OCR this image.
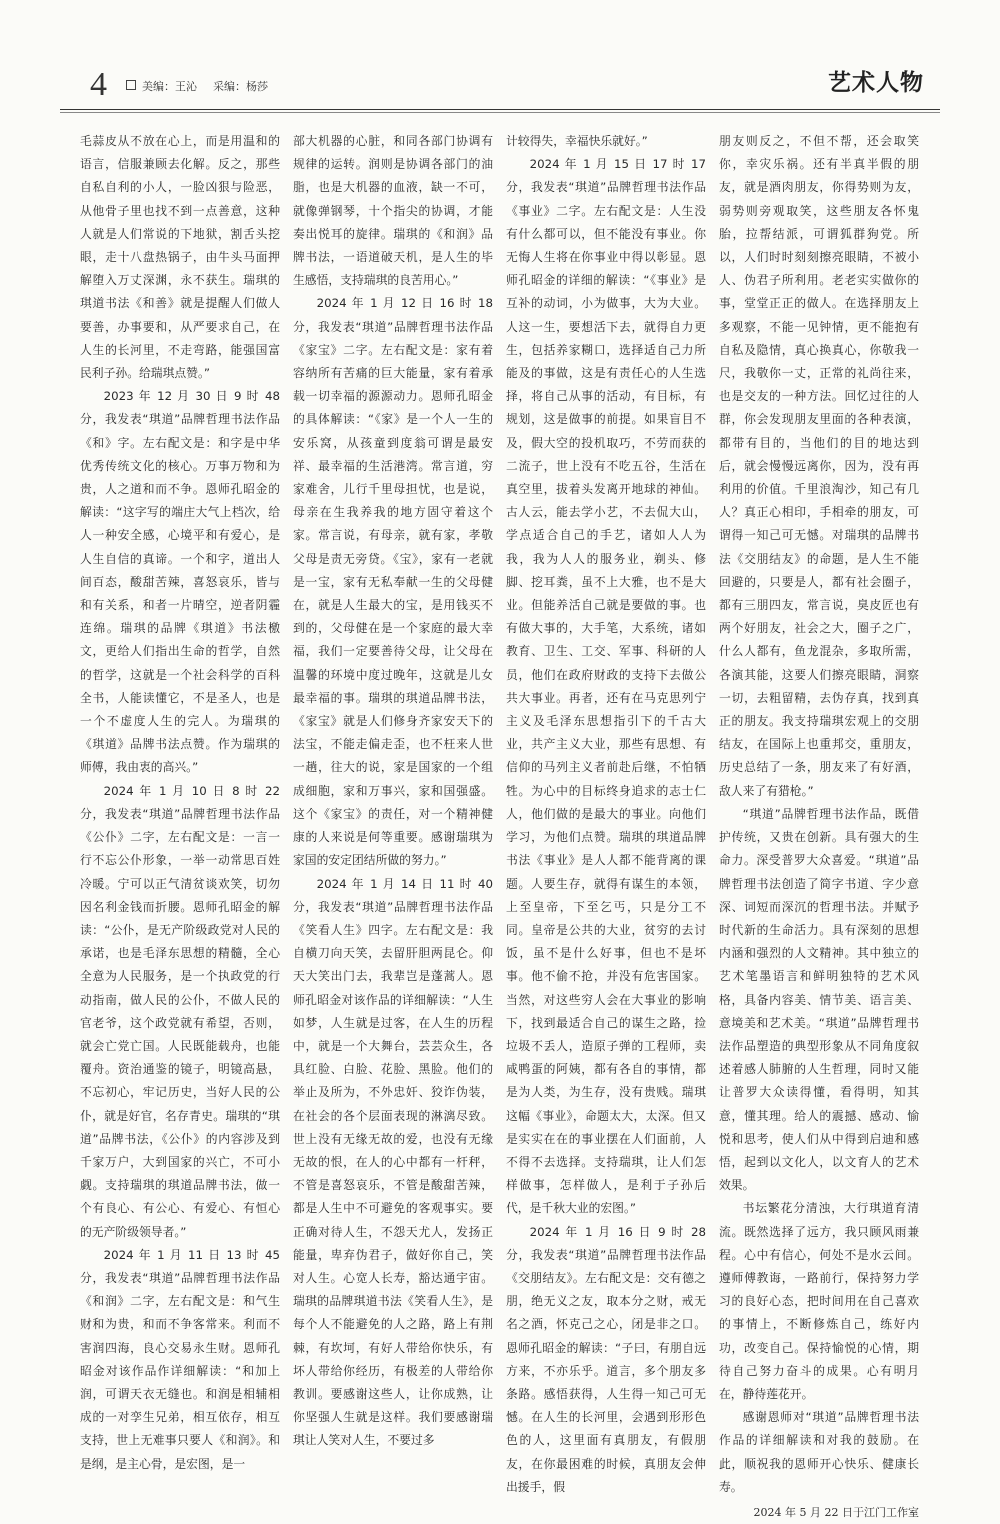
4	美编：王沁 采编：杨莎	艺术人物

毛蒜皮从不放在心上，而是用温和的语言，信服兼顾去化解。反之，那些自私自利的小人，一脸凶狠与险恶，从他骨子里也找不到一点善意，这种人就是人们常说的下地狱，割舌头挖眼，走十八盘热锅子，由牛头马面押解堕入万丈深渊，永不获生。瑞琪的琪道书法《和善》就是提醒人们做人要善，办事要和，从严要求自己，在人生的长河里，不走弯路，能强国富民利子孙。给瑞琪点赞。”

2023 年 12 月 30 日 9 时 48 分，我发表“琪道”品牌哲理书法作品《和》字。左右配文是：和字是中华优秀传统文化的核心。万事万物和为贵，人之道和而不争。恩师孔昭金的解读：“这字写的端庄大气上档次，给人一种安全感，心境平和有爱心，是人生自信的真谛。一个和字，道出人间百态，酸甜苦辣，喜怒哀乐，皆与和有关系，和者一片晴空，逆者阴霾连绵。瑞琪的品牌《琪道》书法檄文，更给人们指出生命的哲学，自然的哲学，这就是一个社会科学的百科全书，人能读懂它，不是圣人，也是一个不虚度人生的完人。为瑞琪的《琪道》品牌书法点赞。作为瑞琪的师傅，我由衷的高兴。”

2024 年 1 月 10 日 8 时 22 分，我发表“琪道”品牌哲理书法作品《公仆》二字，左右配文是：一言一行不忘公仆形象，一举一动常思百姓冷暖。宁可以正气清贫谈欢笑，切勿因名利金钱而折腰。恩师孔昭金的解读：“公仆，是无产阶级政党对人民的承诺，也是毛泽东思想的精髓，全心全意为人民服务，是一个执政党的行动指南，做人民的公仆，不做人民的官老爷，这个政党就有希望，否则，就会亡党亡国。人民既能载舟，也能覆舟。资治通鉴的镜子，明镜高悬，不忘初心，牢记历史，当好人民的公仆，就是好官，名存青史。瑞琪的“琪道”品牌书法，《公仆》的内容涉及到千家万户，大到国家的兴亡，不可小觑。支持瑞琪的琪道品牌书法，做一个有良心、有公心、有爱心、有恒心的无产阶级领导者。”

2024 年 1 月 11 日 13 时 45 分，我发表“琪道”品牌哲理书法作品《和润》二字，左右配文是：和气生财和为贵，和而不争客常来。利而不害润四海，良心交易永生财。恩师孔昭金对该作品作详细解读：“和加上润，可谓天衣无缝也。和润是相辅相成的一对孪生兄弟，相互依存，相互支持，世上无难事只要人《和润》。和是纲，是主心骨，是宏图，是一

部大机器的心脏，和同各部门协调有规律的运转。润则是协调各部门的油脂，也是大机器的血液，缺一不可，就像弹钢琴，十个指尖的协调，才能奏出悦耳的旋律。瑞琪的《和润》品牌书法，一语道破天机，是人生的毕生感悟，支持瑞琪的良苦用心。”

2024 年 1 月 12 日 16 时 18 分，我发表“琪道”品牌哲理书法作品《家宝》二字。左右配文是：家有着容纳所有苦痛的巨大能量，家有着承载一切幸福的源源动力。恩师孔昭金的具体解读：“《家》是一个人一生的安乐窝，从孩童到度翁可谓是最安祥、最幸福的生活港湾。常言道，穷家难舍，儿行千里母担忧，也是说，母亲在生我养我的地方固守着这个家。常言说，有母亲，就有家，孝敬父母是责无旁贷。《宝》，家有一老就是一宝，家有无私奉献一生的父母健在，就是人生最大的宝，是用钱买不到的，父母健在是一个家庭的最大幸福，我们一定要善待父母，让父母在温馨的环境中度过晚年，这就是儿女最幸福的事。瑞琪的琪道品牌书法，《家宝》就是人们修身齐家安天下的法宝，不能走偏走歪，也不枉来人世一趟，往大的说，家是国家的一个组成细胞，家和万事兴，家和国强盛。这个《家宝》的责任，对一个精神健康的人来说是何等重要。感谢瑞琪为家国的安定团结所做的努力。”

2024 年 1 月 14 日 11 时 40 分，我发表“琪道”品牌哲理书法作品《笑看人生》四字。左右配文是：我自横刀向天笑，去留肝胆两昆仑。仰天大笑出门去，我辈岂是蓬蒿人。恩师孔昭金对该作品的详细解读：“人生如梦，人生就是过客，在人生的历程中，就是一个大舞台，芸芸众生，各具红脸、白脸、花脸、黑脸。他们的举止及所为，不外忠奸、狡诈伪装，在社会的各个层面表现的淋漓尽致。世上没有无缘无故的爱，也没有无缘无故的恨，在人的心中都有一杆秤，不管是喜怒哀乐，不管是酸甜苦辣，都是人生中不可避免的客观事实。要正确对待人生，不怨天尤人，发扬正能量，卑弃伪君子，做好你自己，笑对人生。心宽人长寿，豁达通宇宙。瑞琪的品牌琪道书法《笑看人生》，是每个人不能避免的人之路，路上有荆棘，有坎坷，有好人带给你快乐，有坏人带给你经历，有极差的人带给你教训。要感谢这些人，让你成熟，让你坚强人生就是这样。我们要感谢瑞琪让人笑对人生，不要过多

计较得失，幸福快乐就好。”

2024 年 1 月 15 日 17 时 17 分，我发表“琪道”品牌哲理书法作品《事业》二字。左右配文是：人生没有什么都可以，但不能没有事业。你无悔人生将在你事业中得以彰显。恩师孔昭金的详细的解读：“《事业》是互补的动词，小为做事，大为大业。人这一生，要想活下去，就得自力更生，包括养家糊口，选择适自己力所能及的事做，这是有责任心的人生选择，将自己从事的活动，有目标，有规划，这是做事的前提。如果盲目不及，假大空的投机取巧，不劳而获的二流子，世上没有不吃五谷，生活在真空里，拔着头发离开地球的神仙。古人云，能去学小艺，不去侃大山，学点适合自己的手艺，诸如人人为我，我为人人的服务业，剃头、修脚、挖耳粪，虽不上大雅，也不是大业。但能养活自己就是要做的事。也有做大事的，大手笔，大系统，诸如教育、卫生、工交、军事、科研的人员，他们在政府财政的支持下去做公共大事业。再者，还有在马克思列宁主义及毛泽东思想指引下的千古大业，共产主义大业，那些有思想、有信仰的马列主义者前赴后继，不怕牺牲。为心中的目标终身追求的志士仁人，他们做的是最大的事业。向他们学习，为他们点赞。瑞琪的琪道品牌书法《事业》是人人都不能背离的课题。人要生存，就得有谋生的本领，上至皇帝，下至乞丐，只是分工不同。皇帝是公共的大业，贫穷的去讨饭，虽不是什么好事，但也不是坏事。他不偷不抢，并没有危害国家。当然，对这些穷人会在大事业的影响下，找到最适合自己的谋生之路，捡垃圾不丢人，造原子弹的工程师，卖咸鸭蛋的阿姨，都有各自的事情，都是为人类，为生存，没有贵贱。瑞琪这幅《事业》，命题太大，太深。但又是实实在在的事业摆在人们面前，人不得不去选择。支持瑞琪，让人们怎样做事，怎样做人，是利于子孙后代，是千秋大业的宏图。”

2024 年 1 月 16 日 9 时 28 分，我发表“琪道”品牌哲理书法作品《交朋结友》。左右配文是：交有德之朋，绝无义之友，取本分之财，戒无名之酒，怀克己之心，闭是非之口。恩师孔昭金的解读：“子曰，有朋自远方来，不亦乐乎。道言，多个朋友多条路。感悟获得，人生得一知己可无憾。在人生的长河里，会遇到形形色色的人，这里面有真朋友，有假朋友，在你最困难的时候，真朋友会伸出援手，假

朋友则反之，不但不帮，还会取笑你，幸灾乐祸。还有半真半假的朋友，就是酒肉朋友，你得势则为友，弱势则旁观取笑，这些朋友各怀鬼胎，拉帮结派，可谓狐群狗党。所以，人们时时刻刻擦亮眼睛，不被小人、伪君子所利用。老老实实做你的事，堂堂正正的做人。在选择朋友上多观察，不能一见钟情，更不能抱有自私及隐情，真心换真心，你敬我一尺，我敬你一丈，正常的礼尚往来，也是交友的一种方法。回忆过往的人群，你会发现朋友里面的各种表演，都带有目的，当他们的目的地达到后，就会慢慢远离你，因为，没有再利用的价值。千里浪淘沙，知己有几人？真正心相印，手相牵的朋友，可谓得一知己可无憾。对瑞琪的品牌书法《交朋结友》的命题，是人生不能回避的，只要是人，都有社会圈子，都有三朋四友，常言说，臭皮匠也有两个好朋友，社会之大，圈子之广，什么人都有，鱼龙混杂，多取所需，各演其能，这要人们擦亮眼睛，洞察一切，去粗留精，去伪存真，找到真正的朋友。我支持瑞琪宏观上的交朋结友，在国际上也重邦交，重朋友，历史总结了一条，朋友来了有好酒，敌人来了有猎枪。”

“琪道”品牌哲理书法作品，既借护传统，又贵在创新。具有强大的生命力。深受普罗大众喜爱。“琪道”品牌哲理书法创造了简字书道、字少意深、词短而深沉的哲理书法。并赋予时代新的生命活力。具有深刻的思想内涵和强烈的人文精神。其中独立的艺术笔墨语言和鲜明独特的艺术风格，具备内容美、情节美、语言美、意境美和艺术美。“琪道”品牌哲理书法作品塑造的典型形象从不同角度叙述着感人肺腑的人生哲理，同时又能让普罗大众读得懂，看得明，知其意，懂其理。给人的震撼、感动、愉悦和思考，使人们从中得到启迪和感悟，起到以文化人，以文育人的艺术效果。

书坛繁花分清浊，大行琪道育清流。既然选择了远方，我只顾风雨兼程。心中有信心，何处不是水云间。遵师傅教诲，一路前行，保持努力学习的良好心态，把时间用在自己喜欢的事情上，不断修炼自己，练好内功，改变自己。保持愉悦的心情，期待自己努力奋斗的成果。心有明月在，静待莲花开。

感谢恩师对“琪道”品牌哲理书法作品的详细解读和对我的鼓励。在此，顺祝我的恩师开心快乐、健康长寿。

2024 年 5 月 22 日于江门工作室
